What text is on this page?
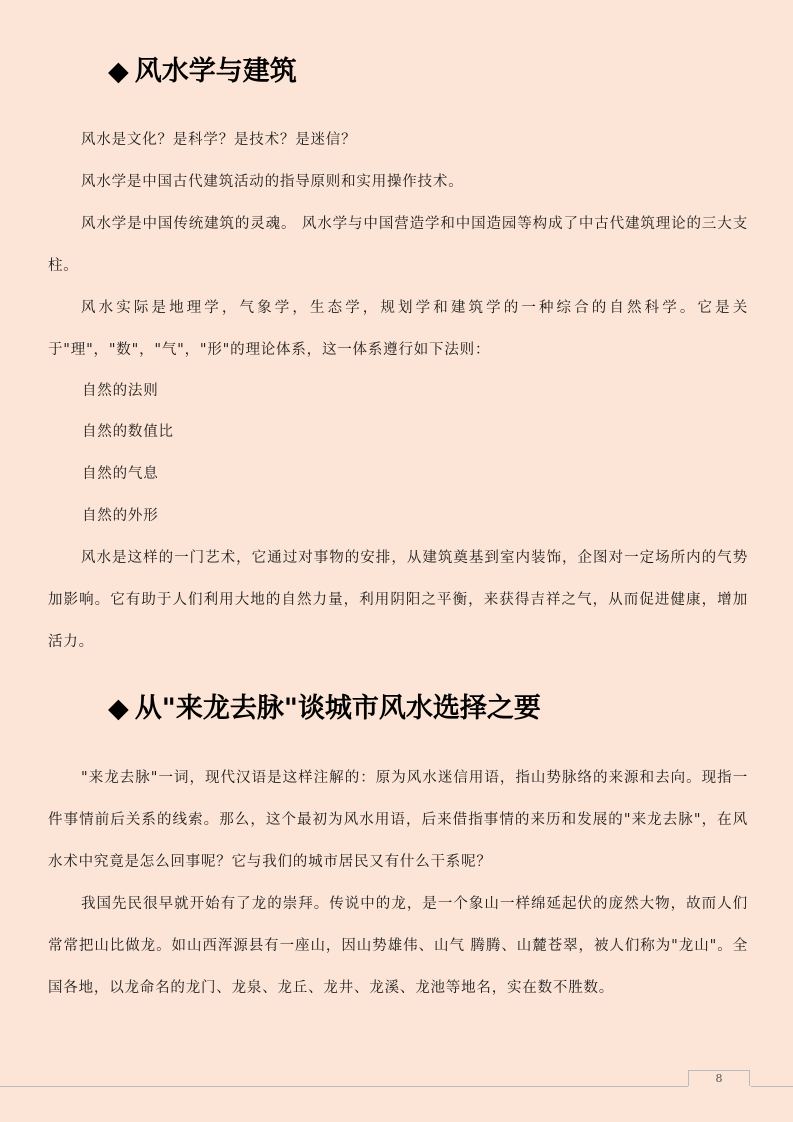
◆ 风水学与建筑

风水是文化？是科学？是技术？是迷信？

风水学是中国古代建筑活动的指导原则和实用操作技术。

风水学是中国传统建筑的灵魂。 风水学与中国营造学和中国造园等构成了中古代建筑理论的三大支柱。

风水实际是地理学，气象学，生态学，规划学和建筑学的一种综合的自然科学。它是关于"理"，"数"，"气"，"形"的理论体系，这一体系遵行如下法则：

自然的法则
自然的数值比
自然的气息
自然的外形

风水是这样的一门艺术，它通过对事物的安排，从建筑奠基到室内装饰，企图对一定场所内的气势加影响。它有助于人们利用大地的自然力量，利用阴阳之平衡，来获得吉祥之气，从而促进健康，增加活力。

◆ 从"来龙去脉"谈城市风水选择之要

"来龙去脉"一词，现代汉语是这样注解的：原为风水迷信用语，指山势脉络的来源和去向。现指一件事情前后关系的线索。那么，这个最初为风水用语，后来借指事情的来历和发展的"来龙去脉"，在风水术中究竟是怎么回事呢？它与我们的城市居民又有什么干系呢？

我国先民很早就开始有了龙的崇拜。传说中的龙，是一个象山一样绵延起伏的庞然大物，故而人们常常把山比做龙。如山西浑源县有一座山，因山势雄伟、山气 腾腾、山麓苍翠，被人们称为"龙山"。全国各地，以龙命名的龙门、龙泉、龙丘、龙井、龙溪、龙池等地名，实在数不胜数。

8
